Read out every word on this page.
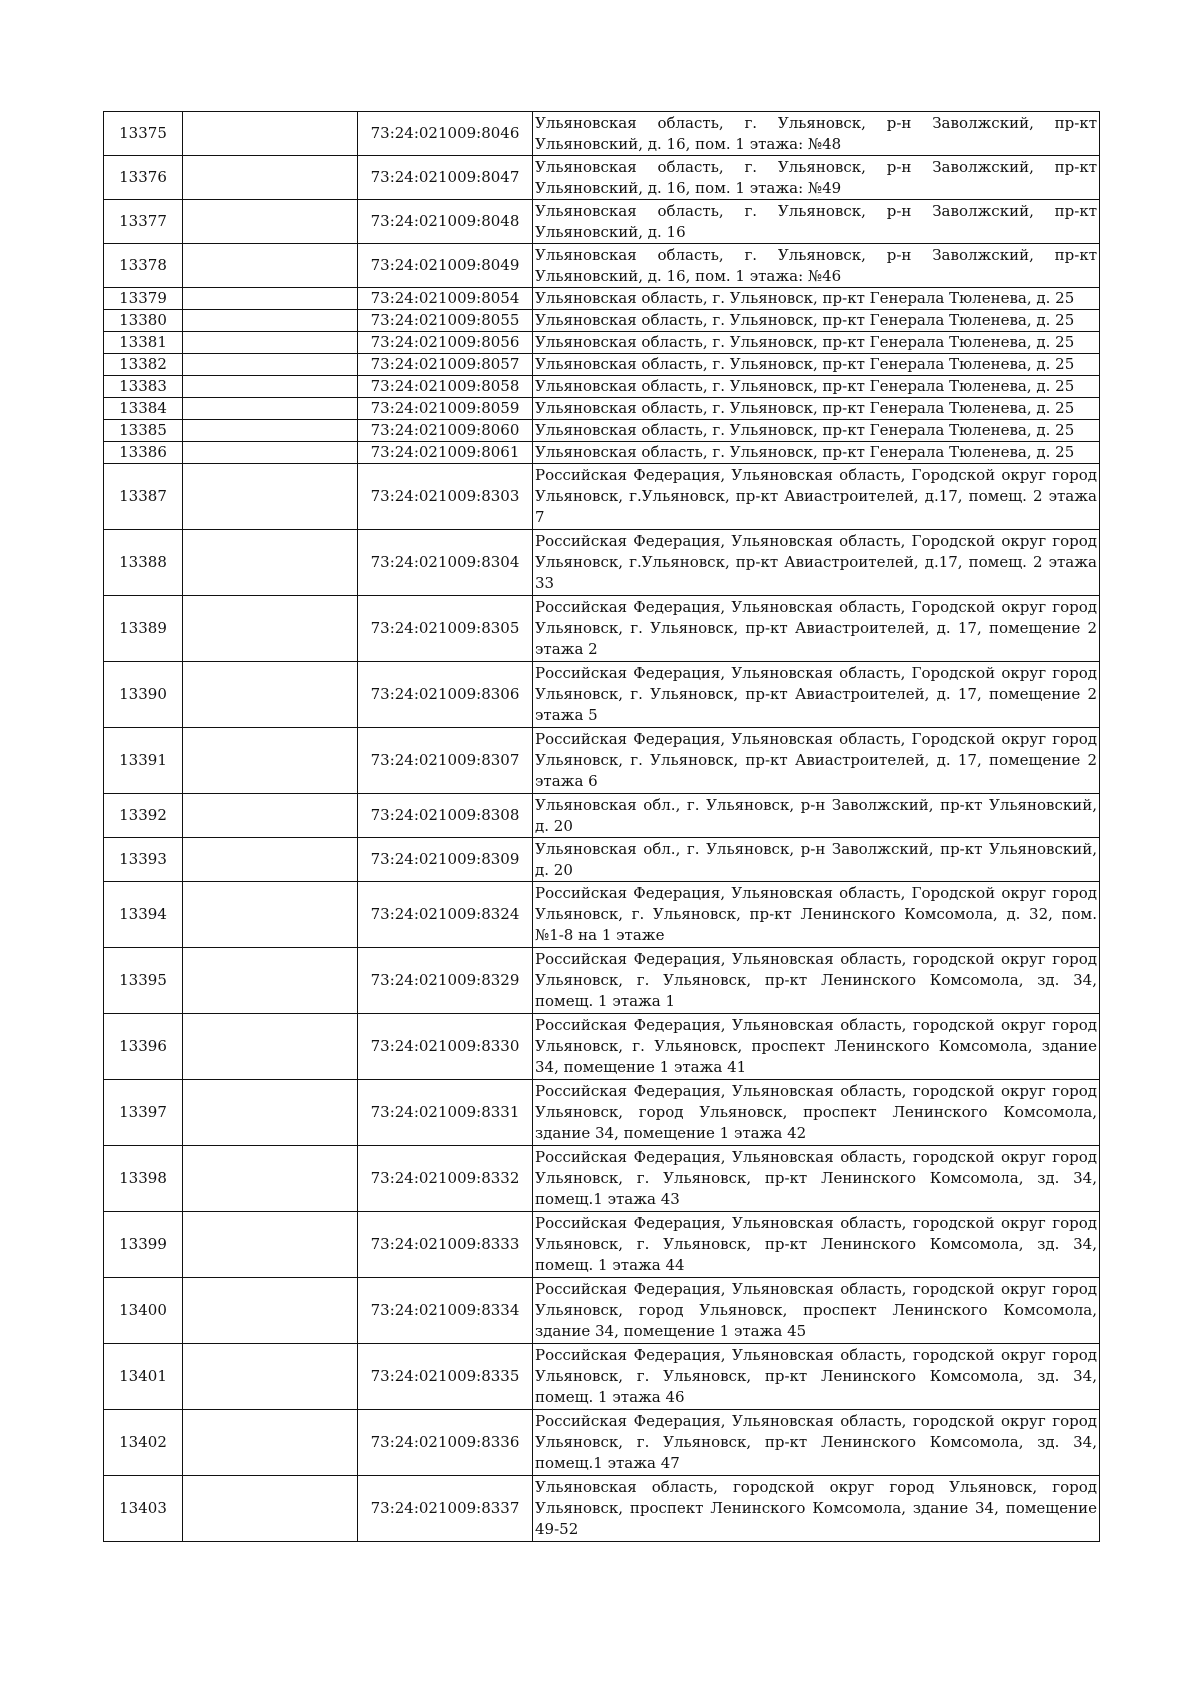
13375		73:24:021009:8046	Ульяновская область, г. Ульяновск, р-н Заволжский, пр-кт Ульяновский, д. 16, пом. 1 этажа: №48
13376		73:24:021009:8047	Ульяновская область, г. Ульяновск, р-н Заволжский, пр-кт Ульяновский, д. 16, пом. 1 этажа: №49
13377		73:24:021009:8048	Ульяновская область, г. Ульяновск, р-н Заволжский, пр-кт Ульяновский, д. 16
13378		73:24:021009:8049	Ульяновская область, г. Ульяновск, р-н Заволжский, пр-кт Ульяновский, д. 16, пом. 1 этажа: №46
13379		73:24:021009:8054	Ульяновская область, г. Ульяновск, пр-кт Генерала Тюленева, д. 25
13380		73:24:021009:8055	Ульяновская область, г. Ульяновск, пр-кт Генерала Тюленева, д. 25
13381		73:24:021009:8056	Ульяновская область, г. Ульяновск, пр-кт Генерала Тюленева, д. 25
13382		73:24:021009:8057	Ульяновская область, г. Ульяновск, пр-кт Генерала Тюленева, д. 25
13383		73:24:021009:8058	Ульяновская область, г. Ульяновск, пр-кт Генерала Тюленева, д. 25
13384		73:24:021009:8059	Ульяновская область, г. Ульяновск, пр-кт Генерала Тюленева, д. 25
13385		73:24:021009:8060	Ульяновская область, г. Ульяновск, пр-кт Генерала Тюленева, д. 25
13386		73:24:021009:8061	Ульяновская область, г. Ульяновск, пр-кт Генерала Тюленева, д. 25
13387		73:24:021009:8303	Российская Федерация, Ульяновская область, Городской округ город Ульяновск, г.Ульяновск, пр-кт Авиастроителей, д.17, помещ. 2 этажа 7
13388		73:24:021009:8304	Российская Федерация, Ульяновская область, Городской округ город Ульяновск, г.Ульяновск, пр-кт Авиастроителей, д.17, помещ. 2 этажа 33
13389		73:24:021009:8305	Российская Федерация, Ульяновская область, Городской округ город Ульяновск, г. Ульяновск, пр-кт Авиастроителей, д. 17, помещение 2 этажа 2
13390		73:24:021009:8306	Российская Федерация, Ульяновская область, Городской округ город Ульяновск, г. Ульяновск, пр-кт Авиастроителей, д. 17, помещение 2 этажа 5
13391		73:24:021009:8307	Российская Федерация, Ульяновская область, Городской округ город Ульяновск, г. Ульяновск, пр-кт Авиастроителей, д. 17, помещение 2 этажа 6
13392		73:24:021009:8308	Ульяновская обл., г. Ульяновск, р-н Заволжский, пр-кт Ульяновский, д. 20
13393		73:24:021009:8309	Ульяновская обл., г. Ульяновск, р-н Заволжский, пр-кт Ульяновский, д. 20
13394		73:24:021009:8324	Российская Федерация, Ульяновская область, Городской округ город Ульяновск, г. Ульяновск, пр-кт Ленинского Комсомола, д. 32, пом. №1-8 на 1 этаже
13395		73:24:021009:8329	Российская Федерация, Ульяновская область, городской округ город Ульяновск, г. Ульяновск, пр-кт Ленинского Комсомола, зд. 34, помещ. 1 этажа 1
13396		73:24:021009:8330	Российская Федерация, Ульяновская область, городской округ город Ульяновск, г. Ульяновск, проспект Ленинского Комсомола, здание 34, помещение 1 этажа 41
13397		73:24:021009:8331	Российская Федерация, Ульяновская область, городской округ город Ульяновск, город Ульяновск, проспект Ленинского Комсомола, здание 34, помещение 1 этажа 42
13398		73:24:021009:8332	Российская Федерация, Ульяновская область, городской округ город Ульяновск, г. Ульяновск, пр-кт Ленинского Комсомола, зд. 34, помещ.1 этажа 43
13399		73:24:021009:8333	Российская Федерация, Ульяновская область, городской округ город Ульяновск, г. Ульяновск, пр-кт Ленинского Комсомола, зд. 34, помещ. 1 этажа 44
13400		73:24:021009:8334	Российская Федерация, Ульяновская область, городской округ город Ульяновск, город Ульяновск, проспект Ленинского Комсомола, здание 34, помещение 1 этажа 45
13401		73:24:021009:8335	Российская Федерация, Ульяновская область, городской округ город Ульяновск, г. Ульяновск, пр-кт Ленинского Комсомола, зд. 34, помещ. 1 этажа 46
13402		73:24:021009:8336	Российская Федерация, Ульяновская область, городской округ город Ульяновск, г. Ульяновск, пр-кт Ленинского Комсомола, зд. 34, помещ.1 этажа 47
13403		73:24:021009:8337	Ульяновская область, городской округ город Ульяновск, город Ульяновск, проспект Ленинского Комсомола, здание 34, помещение 49-52
